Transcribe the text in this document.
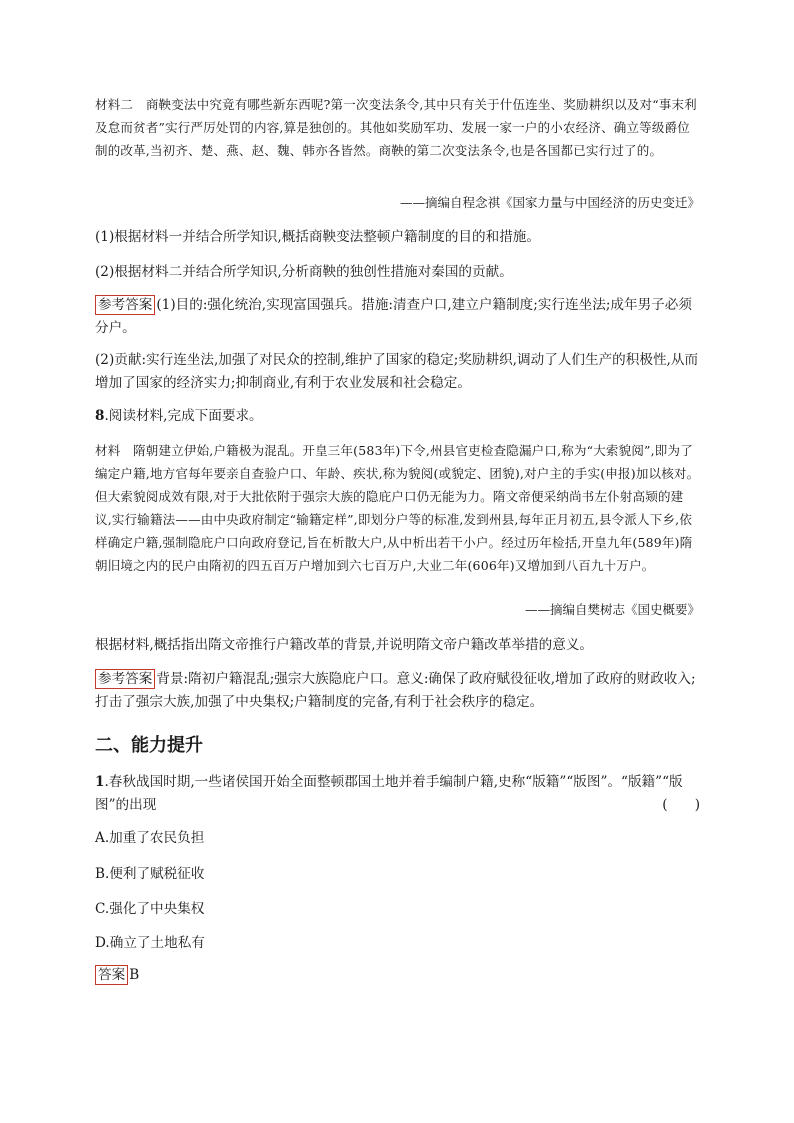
材料二　 商鞅变法中究竟有哪些新东西呢?第一次变法条令,其中只有关于什伍连坐、奖励耕织以及对“事末利及怠而贫者”实行严厉处罚的内容,算是独创的。其他如奖励军功、发展一家一户的小农经济、确立等级爵位制的改革,当初齐、楚、燕、赵、魏、韩亦各皆然。商鞅的第二次变法条令,也是各国都已实行过了的。

——摘编自程念祺《国家力量与中国经济的历史变迁》

(1)根据材料一并结合所学知识,概括商鞅变法整顿户籍制度的目的和措施。

(2)根据材料二并结合所学知识,分析商鞅的独创性措施对秦国的贡献。

参考答案 (1)目的:强化统治,实现富国强兵。措施:清查户口,建立户籍制度;实行连坐法;成年男子必须分户。

(2)贡献:实行连坐法,加强了对民众的控制,维护了国家的稳定;奖励耕织,调动了人们生产的积极性,从而增加了国家的经济实力;抑制商业,有利于农业发展和社会稳定。

8.阅读材料,完成下面要求。

材料　 隋朝建立伊始,户籍极为混乱。开皇三年(583年)下令,州县官吏检查隐漏户口,称为“大索貌阅”,即为了编定户籍,地方官每年要亲自查验户口、年龄、疾状,称为貌阅(或貌定、团貌),对户主的手实(申报)加以核对。但大索貌阅成效有限,对于大批依附于强宗大族的隐庇户口仍无能为力。隋文帝便采纳尚书左仆射高颎的建议,实行输籍法——由中央政府制定“输籍定样”,即划分户等的标准,发到州县,每年正月初五,县令派人下乡,依样确定户籍,强制隐庇户口向政府登记,旨在析散大户,从中析出若干小户。经过历年检括,开皇九年(589年)隋朝旧境之内的民户由隋初的四五百万户增加到六七百万户,大业二年(606年)又增加到八百九十万户。

——摘编自樊树志《国史概要》

根据材料,概括指出隋文帝推行户籍改革的背景,并说明隋文帝户籍改革举措的意义。

参考答案 背景:隋初户籍混乱;强宗大族隐庇户口。意义:确保了政府赋役征收,增加了政府的财政收入;打击了强宗大族,加强了中央集权;户籍制度的完备,有利于社会秩序的稳定。

二、能力提升

1.春秋战国时期,一些诸侯国开始全面整顿郡国土地并着手编制户籍,史称“版籍”“版图”。“版籍”“版图”的出现	(　　)

A.加重了农民负担

B.便利了赋税征收

C.强化了中央集权

D.确立了土地私有

答案 B
